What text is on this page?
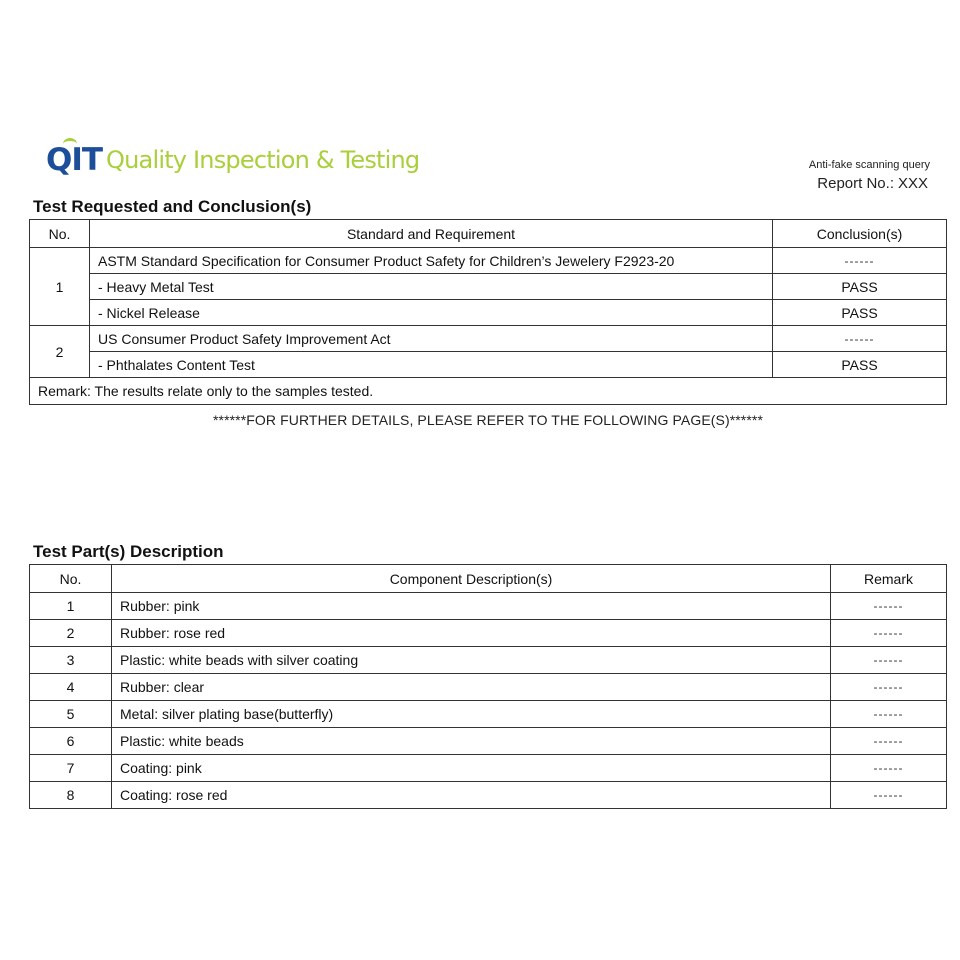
QIT Quality Inspection & Testing	Anti-fake scanning query
Report No.: XXX
Test Requested and Conclusion(s)
No.	Standard and Requirement	Conclusion(s)
1	ASTM Standard Specification for Consumer Product Safety for Children’s Jewelery F2923-20	------
	- Heavy Metal Test	PASS
	- Nickel Release	PASS
2	US Consumer Product Safety Improvement Act	------
	- Phthalates Content Test	PASS
Remark: The results relate only to the samples tested.		
******FOR FURTHER DETAILS, PLEASE REFER TO THE FOLLOWING PAGE(S)******
Test Part(s) Description
No.	Component Description(s)	Remark
1	Rubber: pink	------
2	Rubber: rose red	------
3	Plastic: white beads with silver coating	------
4	Rubber: clear	------
5	Metal: silver plating base(butterfly)	------
6	Plastic: white beads	------
7	Coating: pink	------
8	Coating: rose red	------
